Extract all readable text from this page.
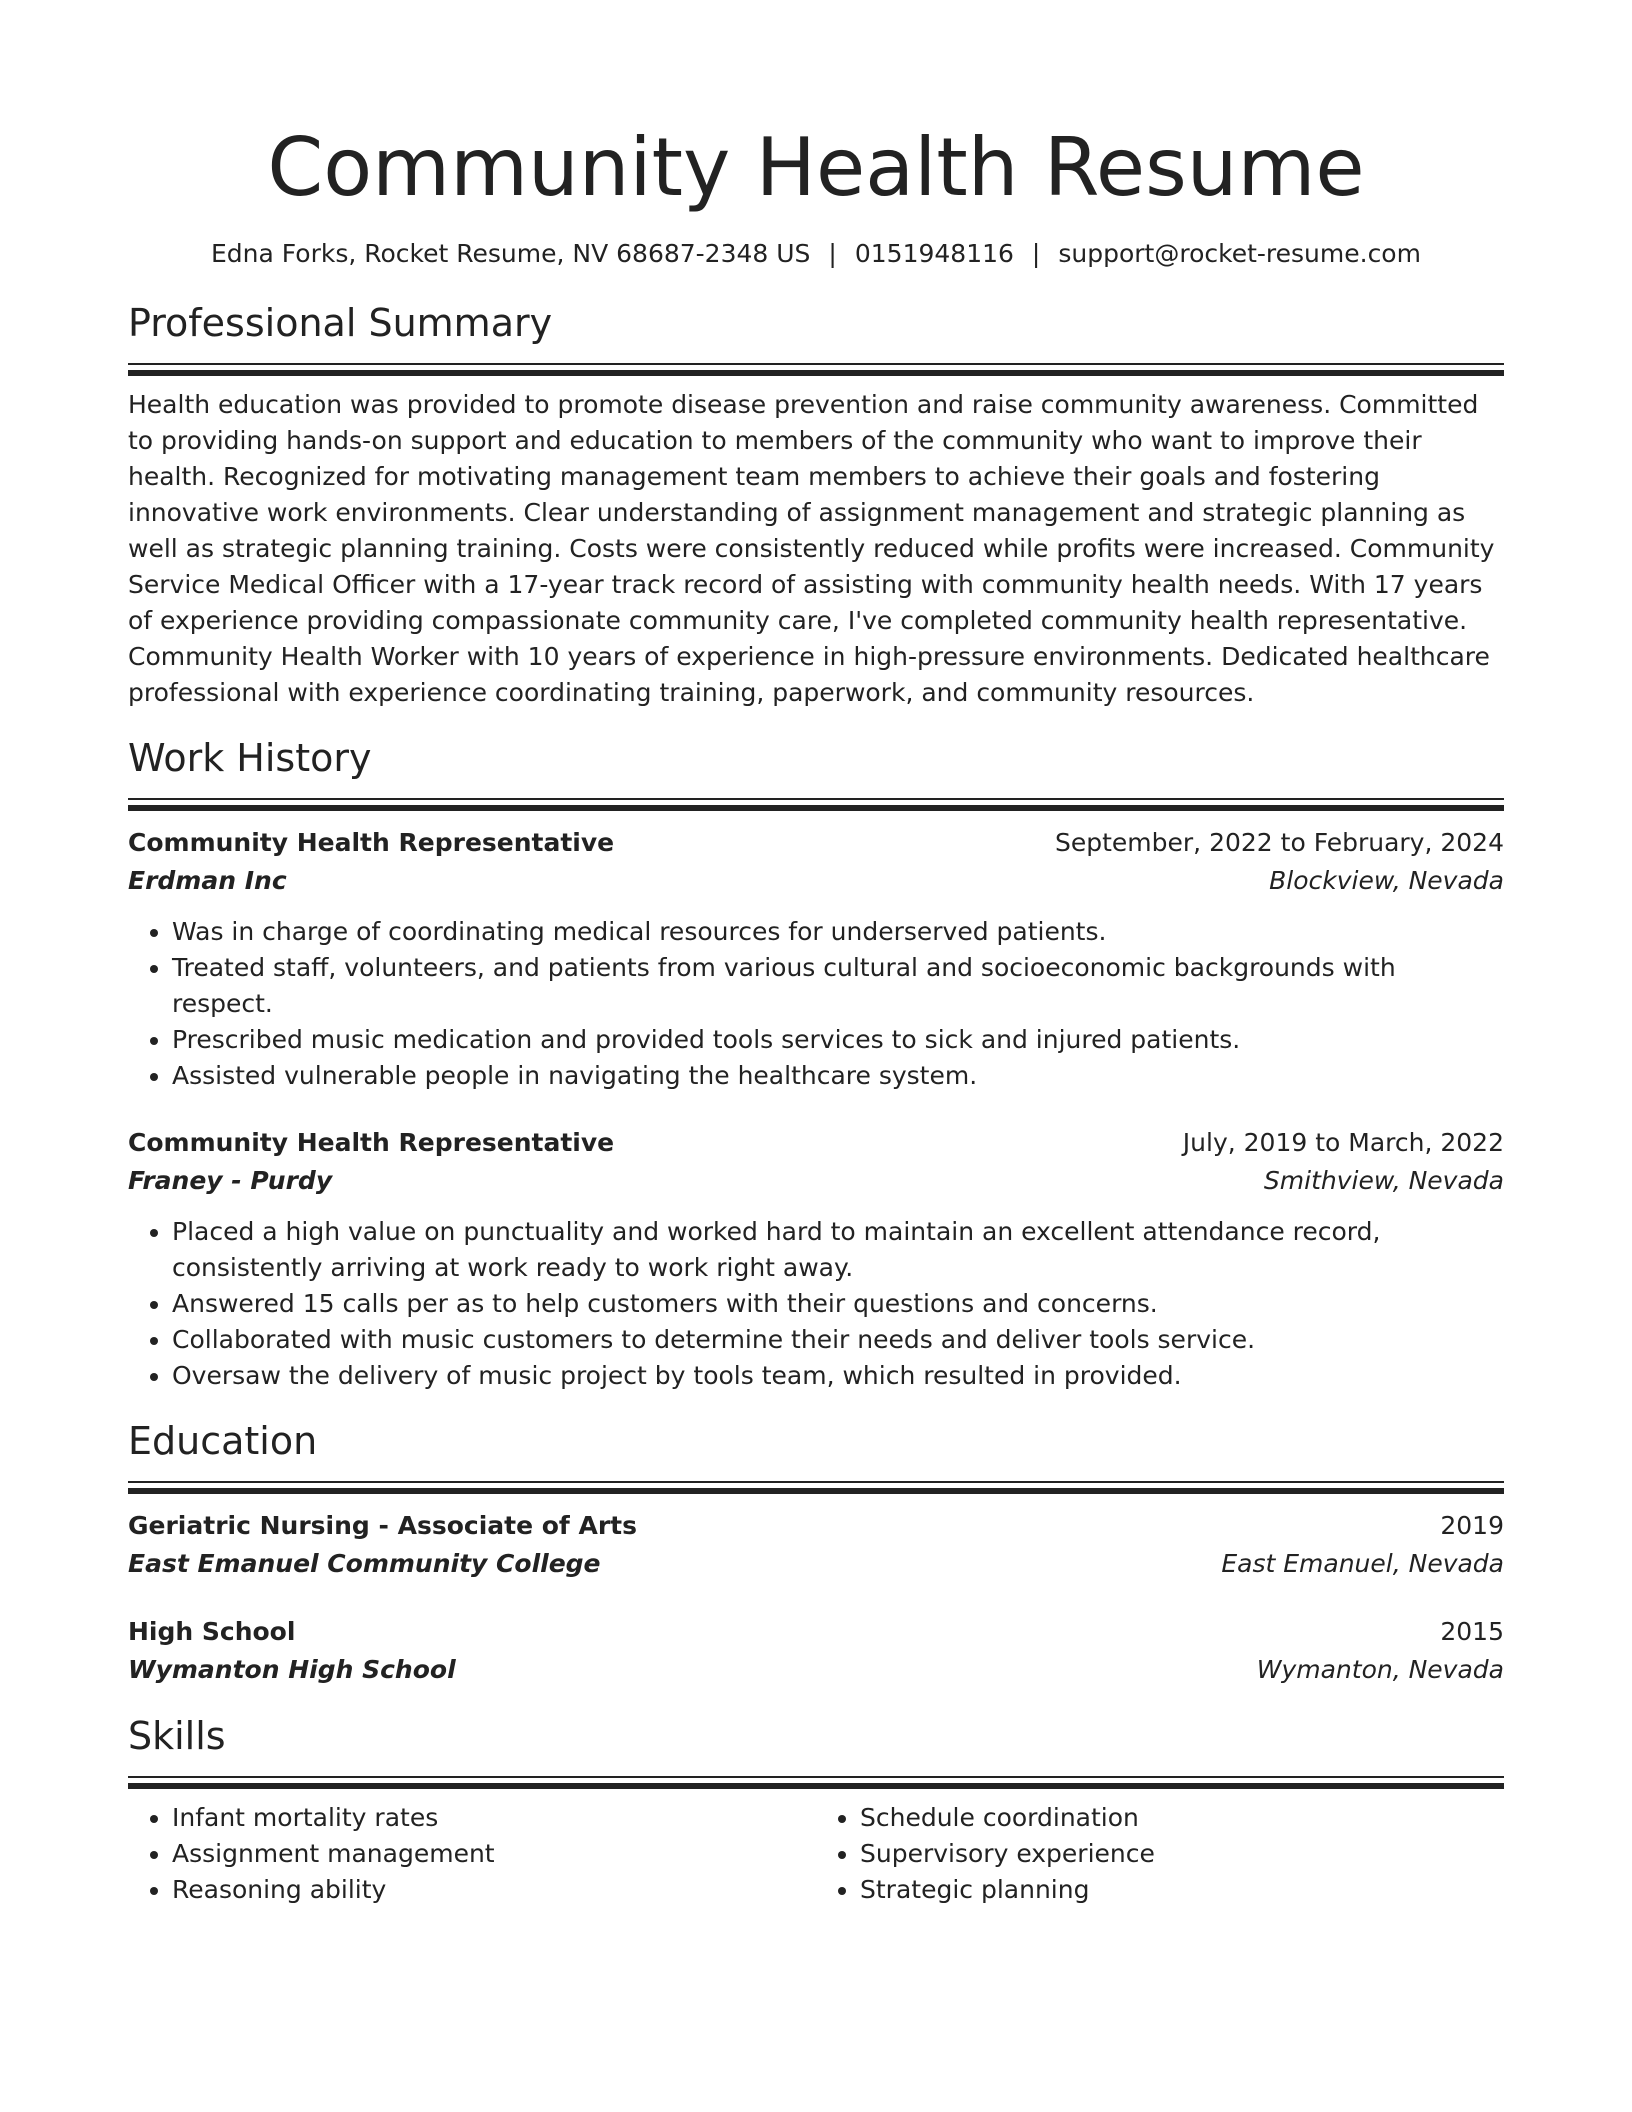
Community Health Resume
Edna Forks, Rocket Resume, NV 68687-2348 US | 0151948116 | support@rocket-resume.com
Professional Summary
Health education was provided to promote disease prevention and raise community awareness. Committed to providing hands-on support and education to members of the community who want to improve their health. Recognized for motivating management team members to achieve their goals and fostering innovative work environments. Clear understanding of assignment management and strategic planning as well as strategic planning training. Costs were consistently reduced while profits were increased. Community Service Medical Officer with a 17-year track record of assisting with community health needs. With 17 years of experience providing compassionate community care, I've completed community health representative. Community Health Worker with 10 years of experience in high-pressure environments. Dedicated healthcare professional with experience coordinating training, paperwork, and community resources.
Work History
Community Health Representative	September, 2022 to February, 2024
Erdman Inc	Blockview, Nevada
• Was in charge of coordinating medical resources for underserved patients.
• Treated staff, volunteers, and patients from various cultural and socioeconomic backgrounds with respect.
• Prescribed music medication and provided tools services to sick and injured patients.
• Assisted vulnerable people in navigating the healthcare system.
Community Health Representative	July, 2019 to March, 2022
Franey - Purdy	Smithview, Nevada
• Placed a high value on punctuality and worked hard to maintain an excellent attendance record, consistently arriving at work ready to work right away.
• Answered 15 calls per as to help customers with their questions and concerns.
• Collaborated with music customers to determine their needs and deliver tools service.
• Oversaw the delivery of music project by tools team, which resulted in provided.
Education
Geriatric Nursing - Associate of Arts	2019
East Emanuel Community College	East Emanuel, Nevada
High School	2015
Wymanton High School	Wymanton, Nevada
Skills
• Infant mortality rates
• Assignment management
• Reasoning ability
• Schedule coordination
• Supervisory experience
• Strategic planning
